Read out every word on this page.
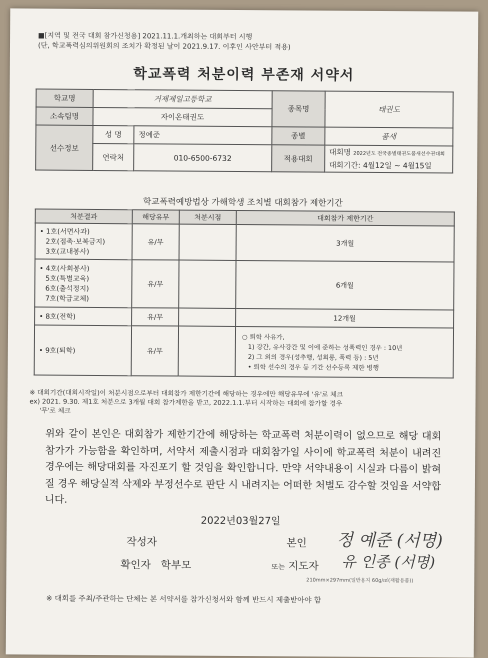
■[지역 및 전국 대회 참가신청용] 2021.11.1.개최하는 대회부터 시행
(단, 학교폭력심의위원회의 조치가 확정된 날이 2021.9.17. 이후인 사안부터 적용)
학교폭력 처분이력 부존재 서약서
학교명	거제제일고등학교		종목명	태권도
소속팀명	자이온태권도			
선수정보	성 명	정예준	종별	품새
	연락처	010-6500-6732	적용대회	대회명 2022년도 전국종별태권도품새선수권대회
대회기간: 4월12일 ~ 4월15일
학교폭력예방법상 가해학생 조치별 대회참가 제한기간
처분결과	해당유무	처분시점	대회참가 제한기간

• 1호(서면사과)
2호(접촉·보복금지)
3호(교내봉사)	유/무		3개월

• 4호(사회봉사)
5호(특별교육)
6호(출석정지)
7호(학급교체)	유/무		6개월

• 8호(전학)	유/무		12개월

• 9호(퇴학)	유/무		○ 퇴학 사유가,
1) 강간, 유사강간 및 이에 준하는 성폭력인 경우 : 10년
2) 그 외의 경우(성추행, 성희롱, 폭력 등) : 5년
• 퇴학 선수의 경우 등 기간 선수등록 제한 병행
※ 대회기간(대회시작일)이 처분시점으로부터 대회참가 제한기간에 해당하는 경우에만 해당유무에 '유'로 체크
ex) 2021. 9.30. 제1호 처분으로 3개월 대회 참가제한을 받고, 2022.1.1.부터 시작하는 대회에 참가할 경우
'무'로 체크
위와 같이 본인은 대회참가 제한기간에 해당하는 학교폭력 처분이력이 없으므로 해당 대회 참가가 가능함을 확인하며, 서약서 제출시점과 대회참가일 사이에 학교폭력 처분이 내려진 경우에는 해당대회를 자진포기 할 것임을 확인합니다. 만약 서약내용이 시실과 다름이 밝혀질 경우 해당실적 삭제와 부정선수로 판단 시 내려지는 어떠한 처벌도 감수할 것임을 서약합니다.
2022년03월27일
작성자	본인 정 예준 (서명)
확인자 학부모	또는 지도자 유 인종 (서명)
210mm×297mm(일반용지 60g/㎡(재활용품))
※ 대회를 주최/주관하는 단체는 본 서약서를 참가신청서와 함께 반드시 제출받아야 함
